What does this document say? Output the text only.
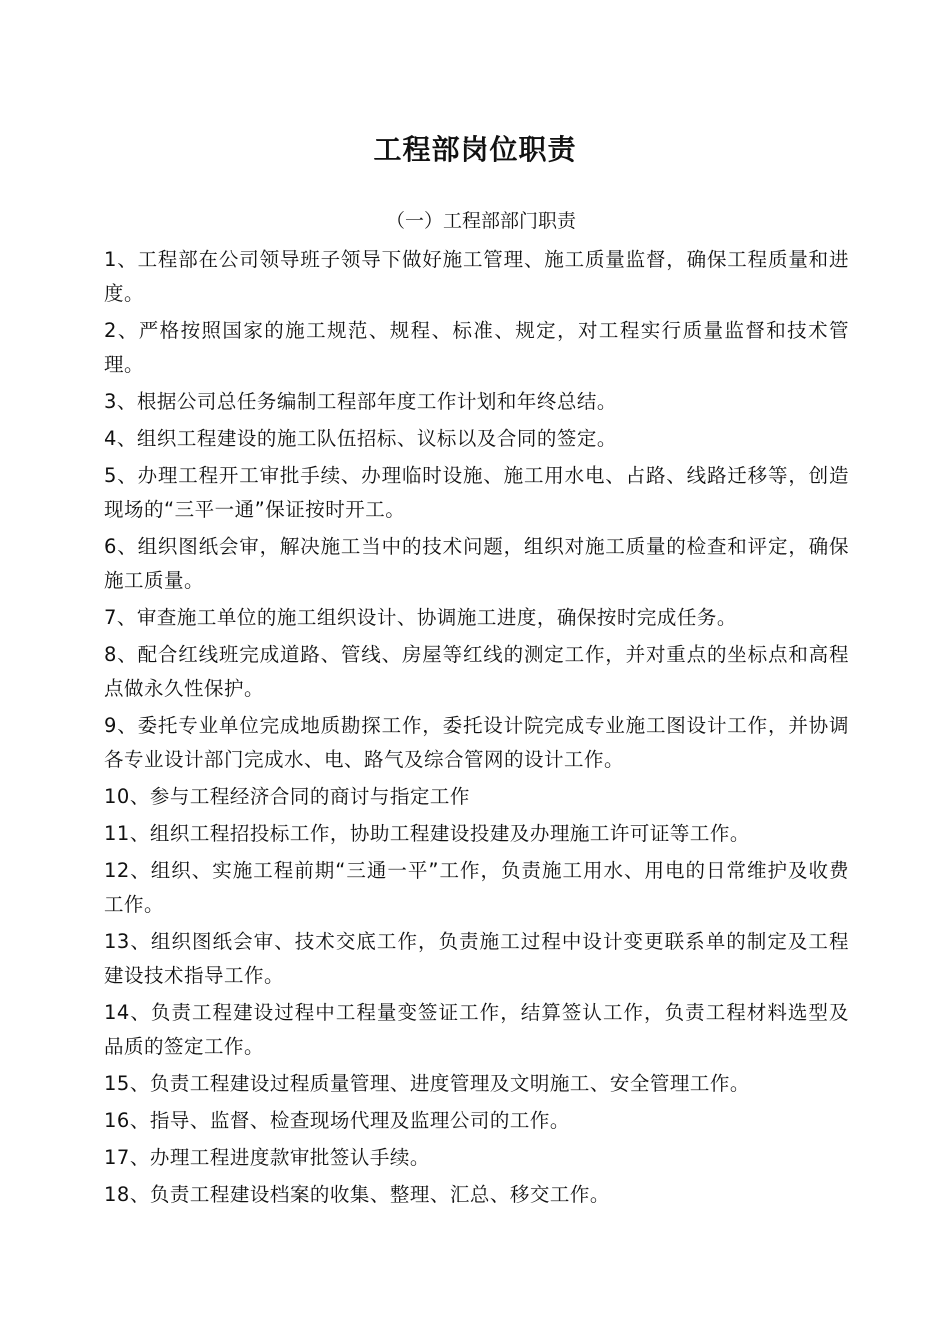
工程部岗位职责
（一）工程部部门职责
1、工程部在公司领导班子领导下做好施工管理、施工质量监督，确保工程质量和进度。
2、严格按照国家的施工规范、规程、标准、规定，对工程实行质量监督和技术管理。
3、根据公司总任务编制工程部年度工作计划和年终总结。
4、组织工程建设的施工队伍招标、议标以及合同的签定。
5、办理工程开工审批手续、办理临时设施、施工用水电、占路、线路迁移等，创造现场的“三平一通”保证按时开工。
6、组织图纸会审，解决施工当中的技术问题，组织对施工质量的检查和评定，确保施工质量。
7、审查施工单位的施工组织设计、协调施工进度，确保按时完成任务。
8、配合红线班完成道路、管线、房屋等红线的测定工作，并对重点的坐标点和高程点做永久性保护。
9、委托专业单位完成地质勘探工作，委托设计院完成专业施工图设计工作，并协调各专业设计部门完成水、电、路气及综合管网的设计工作。
10、参与工程经济合同的商讨与指定工作
11、组织工程招投标工作，协助工程建设投建及办理施工许可证等工作。
12、组织、实施工程前期“三通一平”工作，负责施工用水、用电的日常维护及收费工作。
13、组织图纸会审、技术交底工作，负责施工过程中设计变更联系单的制定及工程建设技术指导工作。
14、负责工程建设过程中工程量变签证工作，结算签认工作，负责工程材料选型及品质的签定工作。
15、负责工程建设过程质量管理、进度管理及文明施工、安全管理工作。
16、指导、监督、检查现场代理及监理公司的工作。
17、办理工程进度款审批签认手续。
18、负责工程建设档案的收集、整理、汇总、移交工作。
